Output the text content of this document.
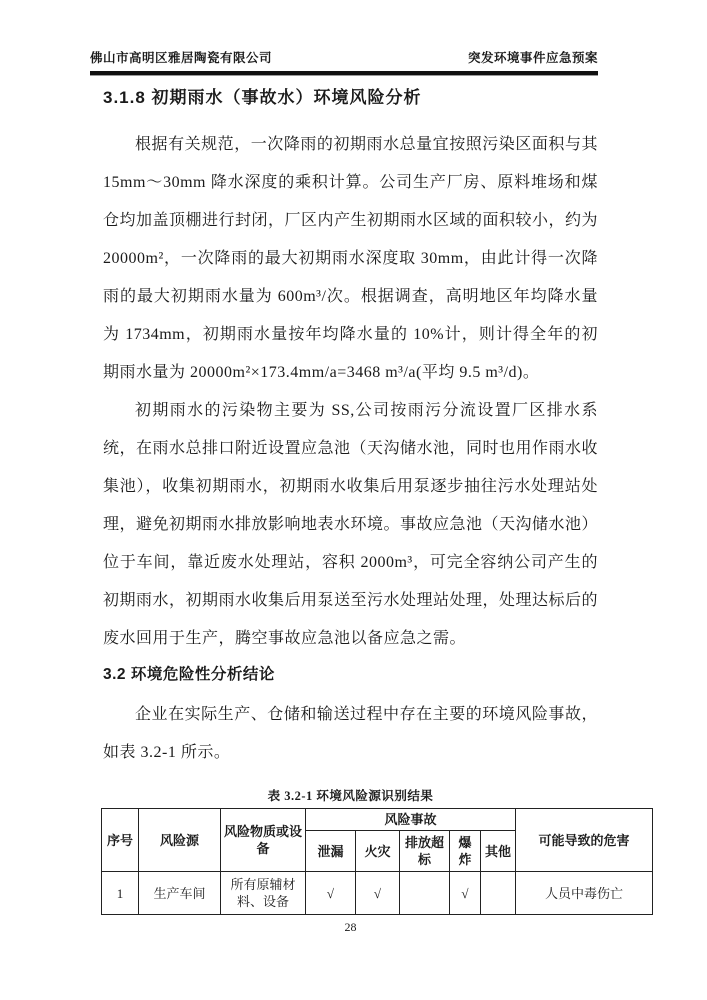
佛山市高明区雅居陶瓷有限公司	突发环境事件应急预案
3.1.8 初期雨水（事故水）环境风险分析

根据有关规范，一次降雨的初期雨水总量宜按照污染区面积与其 15mm～30mm 降水深度的乘积计算。公司生产厂房、原料堆场和煤仓均加盖顶棚进行封闭，厂区内产生初期雨水区域的面积较小，约为 20000m²，一次降雨的最大初期雨水深度取 30mm，由此计得一次降雨的最大初期雨水量为 600m³/次。根据调查，高明地区年均降水量为 1734mm，初期雨水量按年均降水量的 10%计，则计得全年的初期雨水量为 20000m²×173.4mm/a=3468 m³/a(平均 9.5 m³/d)。

初期雨水的污染物主要为 SS,公司按雨污分流设置厂区排水系统，在雨水总排口附近设置应急池（天沟储水池，同时也用作雨水收集池），收集初期雨水，初期雨水收集后用泵逐步抽往污水处理站处理，避免初期雨水排放影响地表水环境。事故应急池（天沟储水池）位于车间，靠近废水处理站，容积 2000m³，可完全容纳公司产生的初期雨水，初期雨水收集后用泵送至污水处理站处理，处理达标后的废水回用于生产，腾空事故应急池以备应急之需。

3.2 环境危险性分析结论

企业在实际生产、仓储和输送过程中存在主要的环境风险事故，如表 3.2-1 所示。

表 3.2-1 环境风险源识别结果
序号	风险源	风险物质或设备	风险事故					可能导致的危害
			泄漏	火灾	排放超标	爆炸	其他	
1	生产车间	所有原辅材料、设备	√	√		√		人员中毒伤亡
28
